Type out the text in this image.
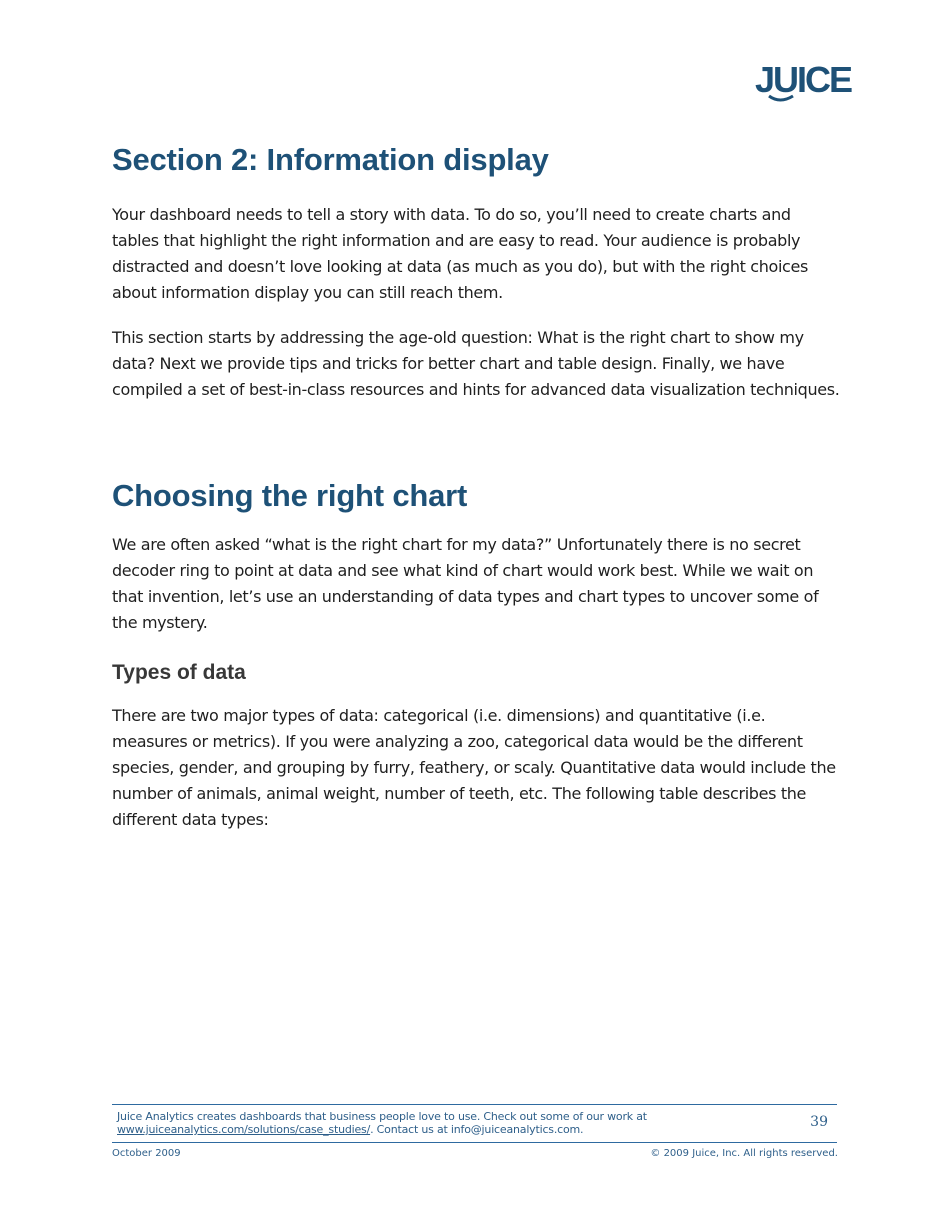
JUICE
Section 2: Information display

Your dashboard needs to tell a story with data. To do so, you’ll need to create charts and tables that highlight the right information and are easy to read. Your audience is probably distracted and doesn’t love looking at data (as much as you do), but with the right choices about information display you can still reach them.

This section starts by addressing the age-old question: What is the right chart to show my data? Next we provide tips and tricks for better chart and table design. Finally, we have compiled a set of best-in-class resources and hints for advanced data visualization techniques.

Choosing the right chart

We are often asked “what is the right chart for my data?” Unfortunately there is no secret decoder ring to point at data and see what kind of chart would work best. While we wait on that invention, let’s use an understanding of data types and chart types to uncover some of the mystery.

Types of data

There are two major types of data: categorical (i.e. dimensions) and quantitative (i.e. measures or metrics). If you were analyzing a zoo, categorical data would be the different species, gender, and grouping by furry, feathery, or scaly. Quantitative data would include the number of animals, animal weight, number of teeth, etc. The following table describes the different data types:

Juice Analytics creates dashboards that business people love to use. Check out some of our work at www.juiceanalytics.com/solutions/case_studies/. Contact us at info@juiceanalytics.com.	39
October 2009	© 2009 Juice, Inc. All rights reserved.
